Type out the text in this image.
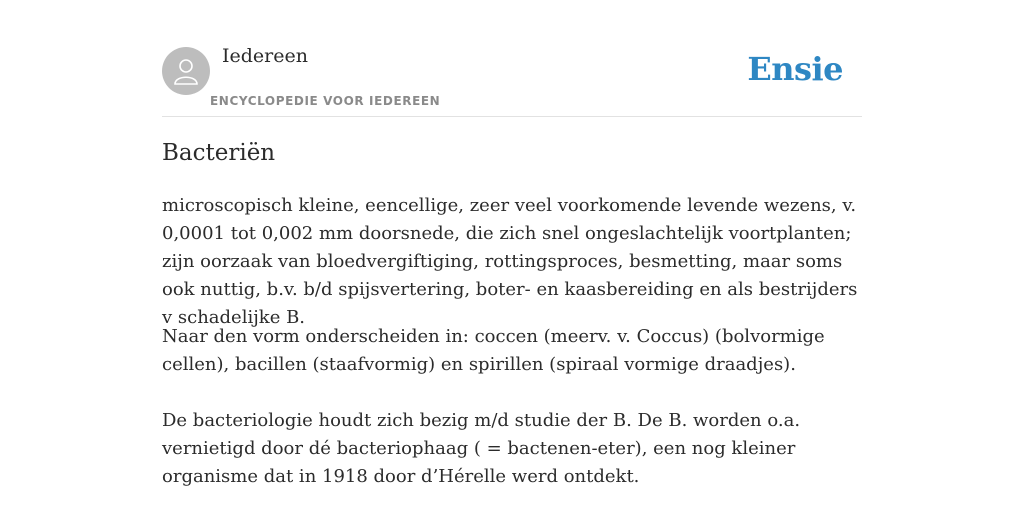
Iedereen
ENCYCLOPEDIE VOOR IEDEREEN
Ensie
Bacteriën

microscopisch kleine, eencellige, zeer veel voorkomende levende wezens, v. 0,0001 tot 0,002 mm doorsnede, die zich snel ongeslachtelijk voortplanten; zijn oorzaak van bloedvergiftiging, rottingsproces, besmetting, maar soms ook nuttig, b.v. b/d spijsvertering, boter- en kaasbereiding en als bestrijders v schadelijke B.

Naar den vorm onderscheiden in: coccen (meerv. v. Coccus) (bolvormige cellen), bacillen (staafvormig) en spirillen (spiraal vormige draadjes).

De bacteriologie houdt zich bezig m/d studie der B. De B. worden o.a. vernietigd door dé bacteriophaag ( = bactenen-eter), een nog kleiner organisme dat in 1918 door d’Hérelle werd ontdekt.
